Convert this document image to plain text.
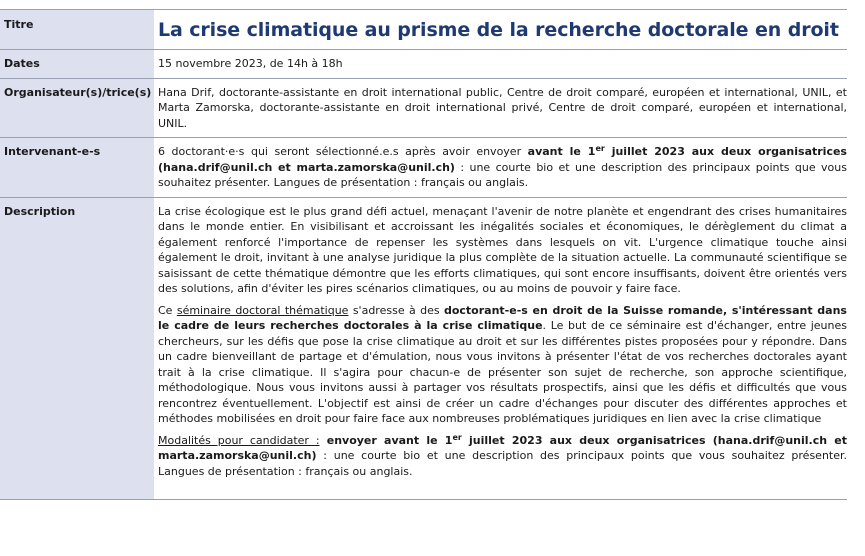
Titre	La crise climatique au prisme de la recherche doctorale en droit
Dates	15 novembre 2023, de 14h à 18h
Organisateur(s)/trice(s)	Hana Drif, doctorante-assistante en droit international public, Centre de droit comparé, européen et international, UNIL, et Marta Zamorska, doctorante-assistante en droit international privé, Centre de droit comparé, européen et international, UNIL.
Intervenant-e-s	6 doctorant·e·s qui seront sélectionné.e.s après avoir envoyer avant le 1er juillet 2023 aux deux organisatrices (hana.drif@unil.ch et marta.zamorska@unil.ch) : une courte bio et une description des principaux points que vous souhaitez présenter. Langues de présentation : français ou anglais.
Description	La crise écologique est le plus grand défi actuel, menaçant l'avenir de notre planète et engendrant des crises humanitaires dans le monde entier. En visibilisant et accroissant les inégalités sociales et économiques, le dérèglement du climat a également renforcé l'importance de repenser les systèmes dans lesquels on vit. L'urgence climatique touche ainsi également le droit, invitant à une analyse juridique la plus complète de la situation actuelle. La communauté scientifique se saisissant de cette thématique démontre que les efforts climatiques, qui sont encore insuffisants, doivent être orientés vers des solutions, afin d'éviter les pires scénarios climatiques, ou au moins de pouvoir y faire face.

Ce séminaire doctoral thématique s'adresse à des doctorant-e-s en droit de la Suisse romande, s'intéressant dans le cadre de leurs recherches doctorales à la crise climatique. Le but de ce séminaire est d'échanger, entre jeunes chercheurs, sur les défis que pose la crise climatique au droit et sur les différentes pistes proposées pour y répondre. Dans un cadre bienveillant de partage et d'émulation, nous vous invitons à présenter l'état de vos recherches doctorales ayant trait à la crise climatique. Il s'agira pour chacun-e de présenter son sujet de recherche, son approche scientifique, méthodologique. Nous vous invitons aussi à partager vos résultats prospectifs, ainsi que les défis et difficultés que vous rencontrez éventuellement. L'objectif est ainsi de créer un cadre d'échanges pour discuter des différentes approches et méthodes mobilisées en droit pour faire face aux nombreuses problématiques juridiques en lien avec la crise climatique

Modalités pour candidater : envoyer avant le 1er juillet 2023 aux deux organisatrices (hana.drif@unil.ch et marta.zamorska@unil.ch) : une courte bio et une description des principaux points que vous souhaitez présenter. Langues de présentation : français ou anglais.
